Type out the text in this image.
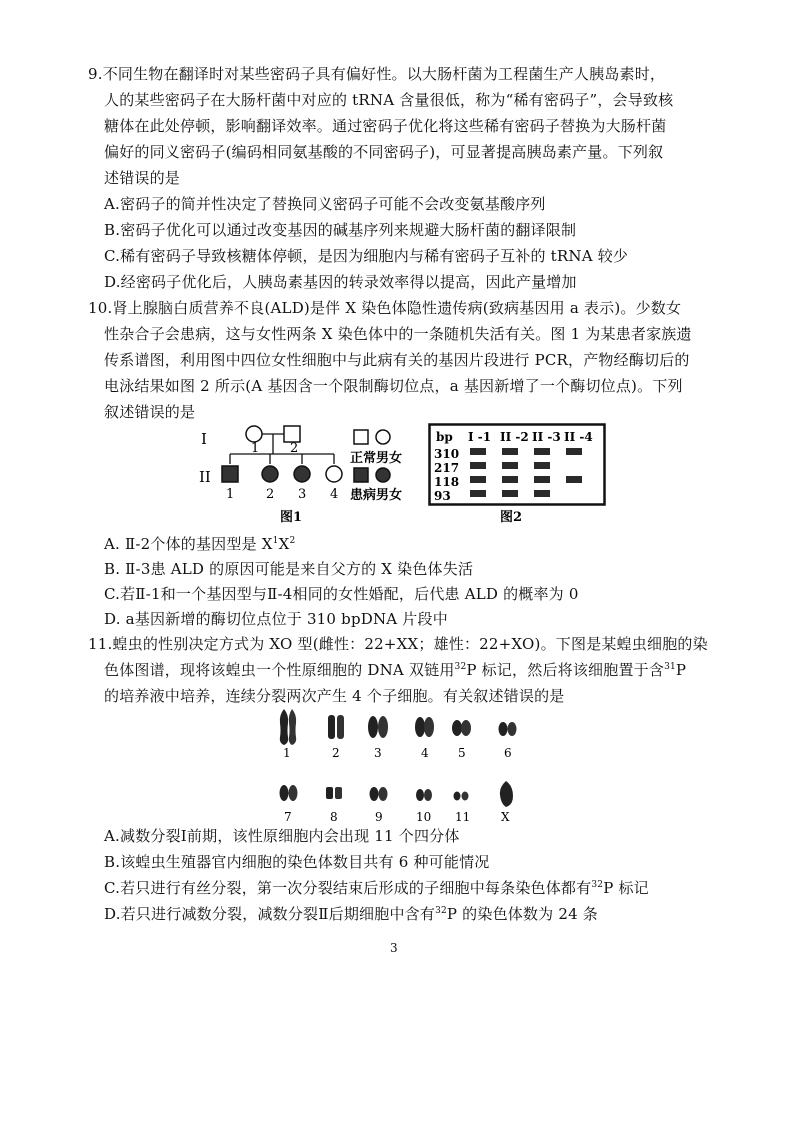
9.不同生物在翻译时对某些密码子具有偏好性。以大肠杆菌为工程菌生产人胰岛素时，
人的某些密码子在大肠杆菌中对应的 tRNA 含量很低，称为“稀有密码子”，会导致核
糖体在此处停顿，影响翻译效率。通过密码子优化将这些稀有密码子替换为大肠杆菌
偏好的同义密码子(编码相同氨基酸的不同密码子)，可显著提高胰岛素产量。下列叙
述错误的是
A.密码子的简并性决定了替换同义密码子可能不会改变氨基酸序列
B.密码子优化可以通过改变基因的碱基序列来规避大肠杆菌的翻译限制
C.稀有密码子导致核糖体停顿，是因为细胞内与稀有密码子互补的 tRNA 较少
D.经密码子优化后，人胰岛素基因的转录效率得以提高，因此产量增加
10.肾上腺脑白质营养不良(ALD)是伴 X 染色体隐性遗传病(致病基因用 a 表示)。少数女
性杂合子会患病，这与女性两条 X 染色体中的一条随机失活有关。图 1 为某患者家族遗
传系谱图，利用图中四位女性细胞中与此病有关的基因片段进行 PCR，产物经酶切后的
电泳结果如图 2 所示(A 基因含一个限制酶切位点，a 基因新增了一个酶切位点)。下列
叙述错误的是
I
II
1 2
1 2 3 4
正常男女
患病男女
图1
bp I -1 II -2 II -3 II -4
310
217
118
93
图2
A. Ⅱ-2个体的基因型是 $X^1X^2$
B. Ⅱ-3患 ALD 的原因可能是来自父方的 X 染色体失活
C.若Ⅱ-1和一个基因型与Ⅱ-4相同的女性婚配，后代患 ALD 的概率为 0
D. a基因新增的酶切位点位于 310 bpDNA 片段中
11.蝗虫的性别决定方式为 XO 型(雌性：22+XX；雄性：22+XO)。下图是某蝗虫细胞的染
色体图谱，现将该蝗虫一个性原细胞的 DNA 双链用$^{32}$P 标记，然后将该细胞置于含$^{31}$P
的培养液中培养，连续分裂两次产生 4 个子细胞。有关叙述错误的是
1	2	3	4 5	6
7	8	9	10 11	X
A.减数分裂Ⅰ前期，该性原细胞内会出现 11 个四分体
B.该蝗虫生殖器官内细胞的染色体数目共有 6 种可能情况
C.若只进行有丝分裂，第一次分裂结束后形成的子细胞中每条染色体都有$^{32}$P 标记
D.若只进行减数分裂，减数分裂Ⅱ后期细胞中含有$^{32}$P 的染色体数为 24 条
3
